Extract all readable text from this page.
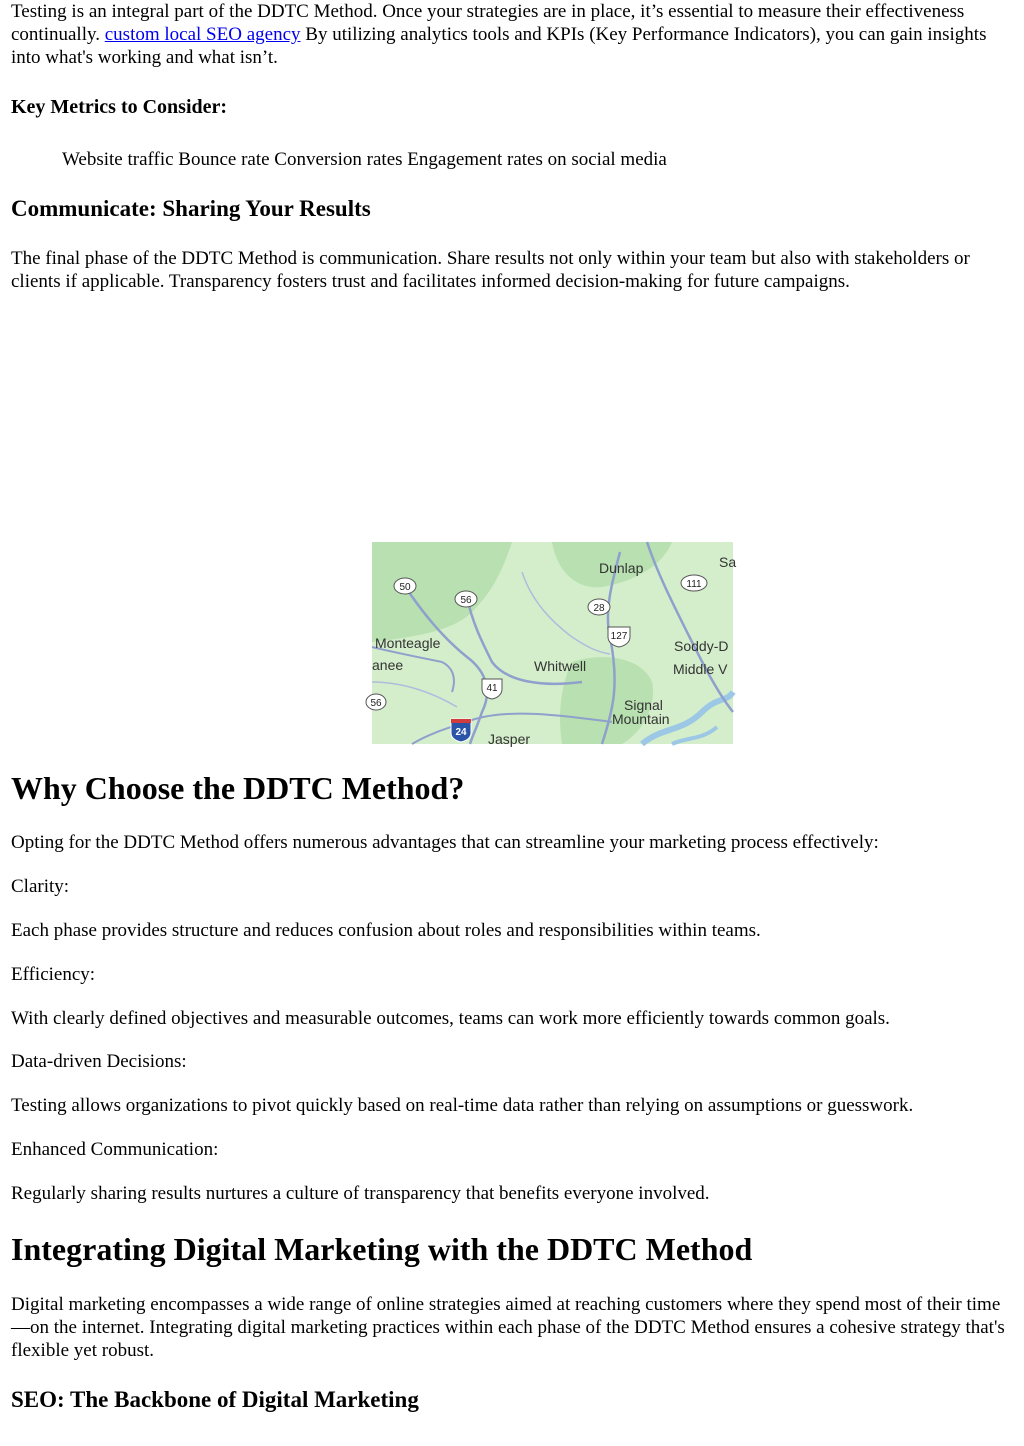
Testing is an integral part of the DDTC Method. Once your strategies are in place, it’s essential to measure their effectiveness continually. custom local SEO agency By utilizing analytics tools and KPIs (Key Performance Indicators), you can gain insights into what's working and what isn’t.

Key Metrics to Consider:

Website traffic Bounce rate Conversion rates Engagement rates on social media

Communicate: Sharing Your Results

The final phase of the DDTC Method is communication. Share results not only within your team but also with stakeholders or clients if applicable. Transparency fosters trust and facilitates informed decision-making for future campaigns.

Why Choose the DDTC Method?

Opting for the DDTC Method offers numerous advantages that can streamline your marketing process effectively:

Clarity:

Each phase provides structure and reduces confusion about roles and responsibilities within teams.

Efficiency:

With clearly defined objectives and measurable outcomes, teams can work more efficiently towards common goals.

Data-driven Decisions:

Testing allows organizations to pivot quickly based on real-time data rather than relying on assumptions or guesswork.

Enhanced Communication:

Regularly sharing results nurtures a culture of transparency that benefits everyone involved.

Integrating Digital Marketing with the DDTC Method

Digital marketing encompasses a wide range of online strategies aimed at reaching customers where they spend most of their time—on the internet. Integrating digital marketing practices within each phase of the DDTC Method ensures a cohesive strategy that's flexible yet robust.

SEO: The Backbone of Digital Marketing

50
56
111
28
127
41
56
24
Dunlap	Sa
Monteagle
anee	Whitwell
Soddy-D
Middle V
Signal
Mountain
Jasper
